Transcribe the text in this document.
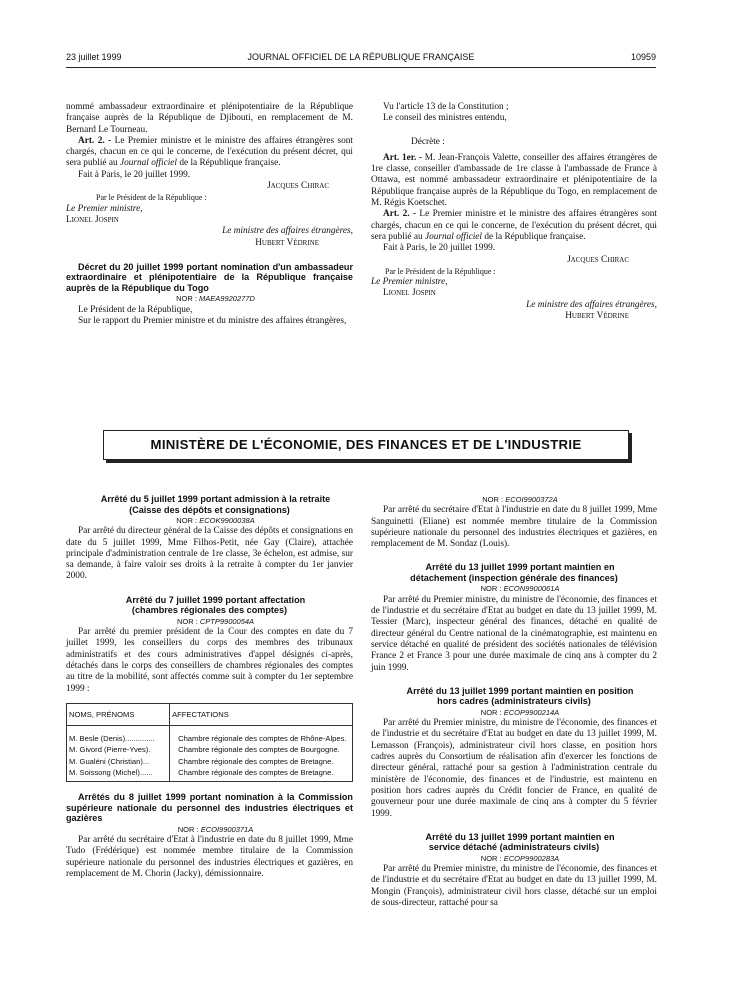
23 juillet 1999	JOURNAL OFFICIEL DE LA RÉPUBLIQUE FRANÇAISE	10959

nommé ambassadeur extraordinaire et plénipotentiaire de la République française auprès de la République de Djibouti, en remplacement de M. Bernard Le Tourneau.

Art. 2. - Le Premier ministre et le ministre des affaires étrangères sont chargés, chacun en ce qui le concerne, de l'exécution du présent décret, qui sera publié au Journal officiel de la République française.

Fait à Paris, le 20 juillet 1999.

Jacques Chirac

Par le Président de la République :

Le Premier ministre,

Lionel Jospin

Le ministre des affaires étrangères,

Hubert Védrine

Décret du 20 juillet 1999 portant nomination d'un ambassadeur extraordinaire et plénipotentiaire de la République française auprès de la République du Togo

NOR : MAEA9920277D

Le Président de la République,

Sur le rapport du Premier ministre et du ministre des affaires étrangères,

Vu l'article 13 de la Constitution ;

Le conseil des ministres entendu,

Décrète :

Art. 1er. - M. Jean-François Valette, conseiller des affaires étrangères de 1re classe, conseiller d'ambassade de 1re classe à l'ambassade de France à Ottawa, est nommé ambassadeur extraordinaire et plénipotentiaire de la République française auprès de la République du Togo, en remplacement de M. Régis Koetschet.

Art. 2. - Le Premier ministre et le ministre des affaires étrangères sont chargés, chacun en ce qui le concerne, de l'exécution du présent décret, qui sera publié au Journal officiel de la République française.

Fait à Paris, le 20 juillet 1999.

Jacques Chirac

Par le Président de la République :

Le Premier ministre,

Lionel Jospin

Le ministre des affaires étrangères,

Hubert Védrine

MINISTÈRE DE L'ÉCONOMIE, DES FINANCES ET DE L'INDUSTRIE

Arrêté du 5 juillet 1999 portant admission à la retraite (Caisse des dépôts et consignations)

NOR : ECOK9900038A

Par arrêté du directeur général de la Caisse des dépôts et consignations en date du 5 juillet 1999, Mme Filhos-Petit, née Gay (Claire), attachée principale d'administration centrale de 1re classe, 3e échelon, est admise, sur sa demande, à faire valoir ses droits à la retraite à compter du 1er janvier 2000.

Arrêté du 7 juillet 1999 portant affectation (chambres régionales des comptes)

NOR : CPTP9900054A

Par arrêté du premier président de la Cour des comptes en date du 7 juillet 1999, les conseillers du corps des membres des tribunaux administratifs et des cours administratives d'appel désignés ci-après, détachés dans le corps des conseillers de chambres régionales des comptes au titre de la mobilité, sont affectés comme suit à compter du 1er septembre 1999 :

NOMS, PRÉNOMS	AFFECTATIONS

M. Besle (Denis)..............	Chambre régionale des comptes de Rhône-Alpes.
M. Givord (Pierre-Yves).	Chambre régionale des comptes de Bourgogne.
M. Gualéni (Christian)...	Chambre régionale des comptes de Bretagne.
M. Soissong (Michel)......	Chambre régionale des comptes de Bretagne.

Arrêtés du 8 juillet 1999 portant nomination à la Commission supérieure nationale du personnel des industries électriques et gazières

NOR : ECOI9900371A

Par arrêté du secrétaire d'Etat à l'industrie en date du 8 juillet 1999, Mme Tudo (Frédérique) est nommée membre titulaire de la Commission supérieure nationale du personnel des industries électriques et gazières, en remplacement de M. Chorin (Jacky), démissionnaire.

NOR : ECOI9900372A

Par arrêté du secrétaire d'Etat à l'industrie en date du 8 juillet 1999, Mme Sanguinetti (Eliane) est nommée membre titulaire de la Commission supérieure nationale du personnel des industries électriques et gazières, en remplacement de M. Sondaz (Louis).

Arrêté du 13 juillet 1999 portant maintien en détachement (inspection générale des finances)

NOR : ECON9900061A

Par arrêté du Premier ministre, du ministre de l'économie, des finances et de l'industrie et du secrétaire d'Etat au budget en date du 13 juillet 1999, M. Tessier (Marc), inspecteur général des finances, détaché en qualité de directeur général du Centre national de la cinématographie, est maintenu en service détaché en qualité de président des sociétés nationales de télévision France 2 et France 3 pour une durée maximale de cinq ans à compter du 2 juin 1999.

Arrêté du 13 juillet 1999 portant maintien en position hors cadres (administrateurs civils)

NOR : ECOP9900214A

Par arrêté du Premier ministre, du ministre de l'économie, des finances et de l'industrie et du secrétaire d'Etat au budget en date du 13 juillet 1999, M. Lemasson (François), administrateur civil hors classe, en position hors cadres auprès du Consortium de réalisation afin d'exercer les fonctions de directeur général, rattaché pour sa gestion à l'administration centrale du ministère de l'économie, des finances et de l'industrie, est maintenu en position hors cadres auprès du Crédit foncier de France, en qualité de gouverneur pour une durée maximale de cinq ans à compter du 5 février 1999.

Arrêté du 13 juillet 1999 portant maintien en service détaché (administrateurs civils)

NOR : ECOP9900283A

Par arrêté du Premier ministre, du ministre de l'économie, des finances et de l'industrie et du secrétaire d'Etat au budget en date du 13 juillet 1999, M. Mongin (François), administrateur civil hors classe, détaché sur un emploi de sous-directeur, rattaché pour sa
